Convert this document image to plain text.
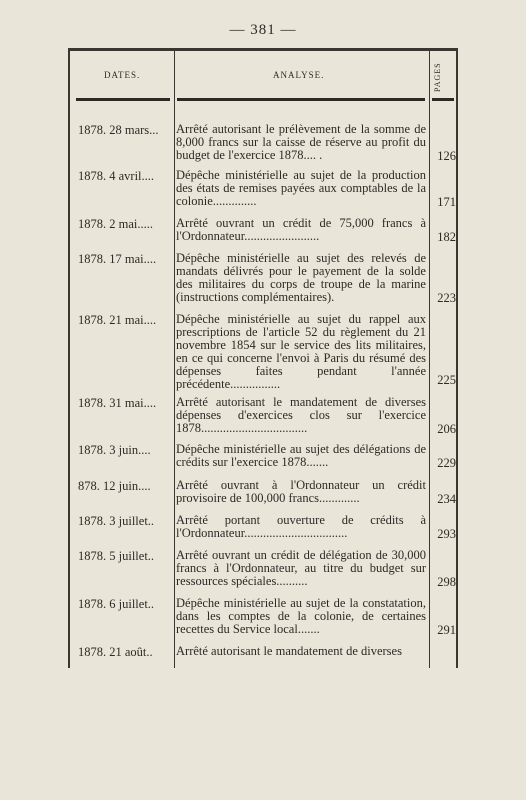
— 381 —
DATES.	ANALYSE.	PAGES
1878. 28 mars...	Arrêté autorisant le prélèvement de la somme de 8,000 francs sur la caisse de réserve au profit du budget de l'exercice 1878.... .	126
1878. 4 avril....	Dépêche ministérielle au sujet de la production des états de remises payées aux comptables de la colonie..............	171
1878. 2 mai.....	Arrêté ouvrant un crédit de 75,000 francs à l'Ordonnateur........................	182
1878. 17 mai....	Dépêche ministérielle au sujet des relevés de mandats délivrés pour le payement de la solde des militaires du corps de troupe de la marine (instructions complémentaires).	223
1878. 21 mai....	Dépêche ministérielle au sujet du rappel aux prescriptions de l'article 52 du règlement du 21 novembre 1854 sur le service des lits militaires, en ce qui concerne l'envoi à Paris du résumé des dépenses faites pendant l'année précédente................	225
1878. 31 mai....	Arrêté autorisant le mandatement de diverses dépenses d'exercices clos sur l'exercice 1878..................................	206
1878. 3 juin....	Dépêche ministérielle au sujet des délégations de crédits sur l'exercice 1878.......	229
878. 12 juin....	Arrêté ouvrant à l'Ordonnateur un crédit provisoire de 100,000 francs.............	234
1878. 3 juillet..	Arrêté portant ouverture de crédits à l'Ordonnateur.................................	293
1878. 5 juillet..	Arrêté ouvrant un crédit de délégation de 30,000 francs à l'Ordonnateur, au titre du budget sur ressources spéciales..........	298
1878. 6 juillet..	Dépêche ministérielle au sujet de la constatation, dans les comptes de la colonie, de certaines recettes du Service local.......	291
1878. 21 août..	Arrêté autorisant le mandatement de diverses
